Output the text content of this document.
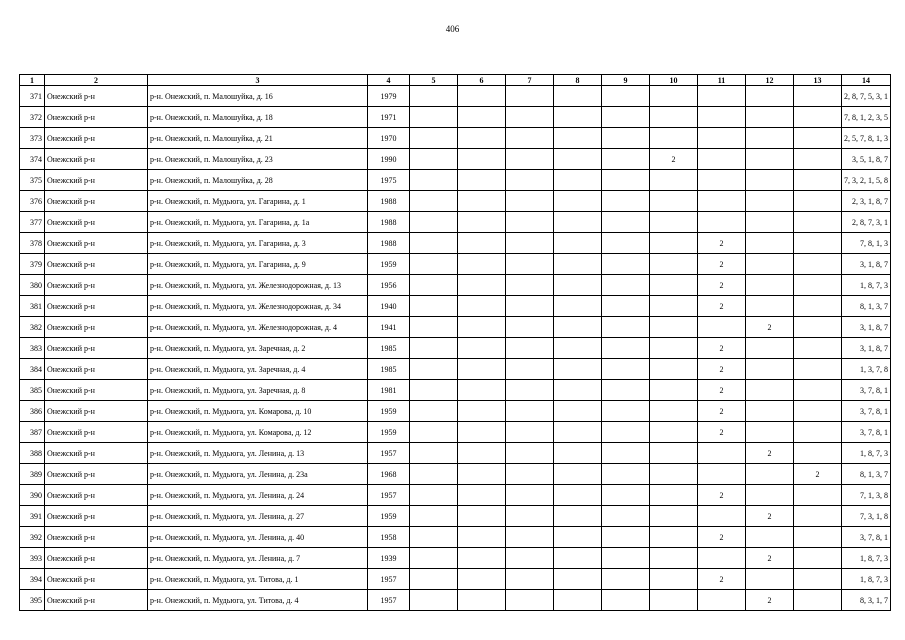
406
1	2	3	4	5	6	7	8	9	10	11	12	13	14
371	Онежский р-н	р-н. Онежский, п. Малошуйка, д. 16	1979										2, 8, 7, 5, 3, 1
372	Онежский р-н	р-н. Онежский, п. Малошуйка, д. 18	1971										7, 8, 1, 2, 3, 5
373	Онежский р-н	р-н. Онежский, п. Малошуйка, д. 21	1970										2, 5, 7, 8, 1, 3
374	Онежский р-н	р-н. Онежский, п. Малошуйка, д. 23	1990						2				3, 5, 1, 8, 7
375	Онежский р-н	р-н. Онежский, п. Малошуйка, д. 28	1975										7, 3, 2, 1, 5, 8
376	Онежский р-н	р-н. Онежский, п. Мудьюга, ул. Гагарина, д. 1	1988										2, 3, 1, 8, 7
377	Онежский р-н	р-н. Онежский, п. Мудьюга, ул. Гагарина, д. 1а	1988										2, 8, 7, 3, 1
378	Онежский р-н	р-н. Онежский, п. Мудьюга, ул. Гагарина, д. 3	1988							2			7, 8, 1, 3
379	Онежский р-н	р-н. Онежский, п. Мудьюга, ул. Гагарина, д. 9	1959							2			3, 1, 8, 7
380	Онежский р-н	р-н. Онежский, п. Мудьюга, ул. Железнодорожная, д. 13	1956							2			1, 8, 7, 3
381	Онежский р-н	р-н. Онежский, п. Мудьюга, ул. Железнодорожная, д. 34	1940							2			8, 1, 3, 7
382	Онежский р-н	р-н. Онежский, п. Мудьюга, ул. Железнодорожная, д. 4	1941								2		3, 1, 8, 7
383	Онежский р-н	р-н. Онежский, п. Мудьюга, ул. Заречная, д. 2	1985							2			3, 1, 8, 7
384	Онежский р-н	р-н. Онежский, п. Мудьюга, ул. Заречная, д. 4	1985							2			1, 3, 7, 8
385	Онежский р-н	р-н. Онежский, п. Мудьюга, ул. Заречная, д. 8	1981							2			3, 7, 8, 1
386	Онежский р-н	р-н. Онежский, п. Мудьюга, ул. Комарова, д. 10	1959							2			3, 7, 8, 1
387	Онежский р-н	р-н. Онежский, п. Мудьюга, ул. Комарова, д. 12	1959							2			3, 7, 8, 1
388	Онежский р-н	р-н. Онежский, п. Мудьюга, ул. Ленина, д. 13	1957								2		1, 8, 7, 3
389	Онежский р-н	р-н. Онежский, п. Мудьюга, ул. Ленина, д. 23а	1968									2	8, 1, 3, 7
390	Онежский р-н	р-н. Онежский, п. Мудьюга, ул. Ленина, д. 24	1957							2			7, 1, 3, 8
391	Онежский р-н	р-н. Онежский, п. Мудьюга, ул. Ленина, д. 27	1959								2		7, 3, 1, 8
392	Онежский р-н	р-н. Онежский, п. Мудьюга, ул. Ленина, д. 40	1958							2			3, 7, 8, 1
393	Онежский р-н	р-н. Онежский, п. Мудьюга, ул. Ленина, д. 7	1939								2		1, 8, 7, 3
394	Онежский р-н	р-н. Онежский, п. Мудьюга, ул. Титова, д. 1	1957							2			1, 8, 7, 3
395	Онежский р-н	р-н. Онежский, п. Мудьюга, ул. Титова, д. 4	1957								2		8, 3, 1, 7
